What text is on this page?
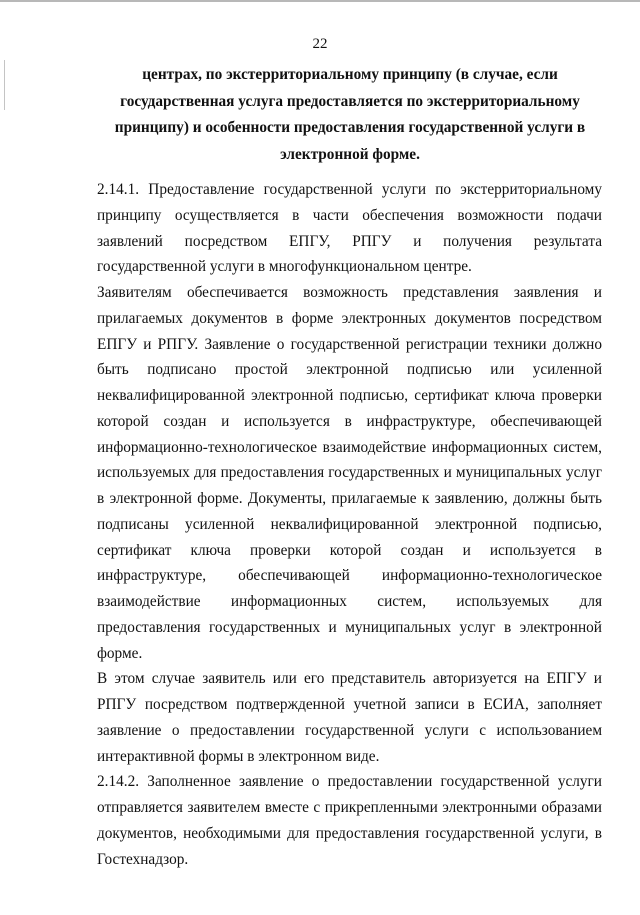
22
центрах, по экстерриториальному принципу (в случае, если государственная услуга предоставляется по экстерриториальному принципу) и особенности предоставления государственной услуги в электронной форме.

2.14.1. Предоставление государственной услуги по экстерриториальному принципу осуществляется в части обеспечения возможности подачи заявлений посредством ЕПГУ, РПГУ и получения результата государственной услуги в многофункциональном центре.

Заявителям обеспечивается возможность представления заявления и прилагаемых документов в форме электронных документов посредством ЕПГУ и РПГУ. Заявление о государственной регистрации техники должно быть подписано простой электронной подписью или усиленной неквалифицированной электронной подписью, сертификат ключа проверки которой создан и используется в инфраструктуре, обеспечивающей информационно-технологическое взаимодействие информационных систем, используемых для предоставления государственных и муниципальных услуг в электронной форме. Документы, прилагаемые к заявлению, должны быть подписаны усиленной неквалифицированной электронной подписью, сертификат ключа проверки которой создан и используется в инфраструктуре, обеспечивающей информационно-технологическое взаимодействие информационных систем, используемых для предоставления государственных и муниципальных услуг в электронной форме.

В этом случае заявитель или его представитель авторизуется на ЕПГУ и РПГУ посредством подтвержденной учетной записи в ЕСИА, заполняет заявление о предоставлении государственной услуги с использованием интерактивной формы в электронном виде.

2.14.2. Заполненное заявление о предоставлении государственной услуги отправляется заявителем вместе с прикрепленными электронными образами документов, необходимыми для предоставления государственной услуги, в Гостехнадзор.
